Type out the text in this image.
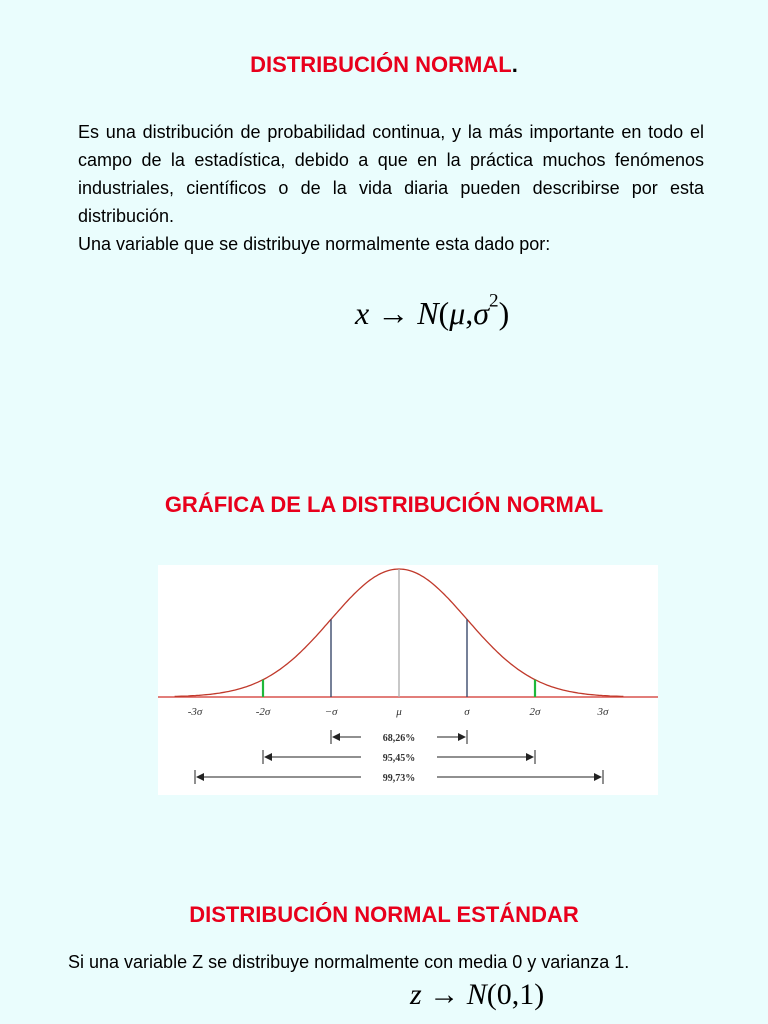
DISTRIBUCIÓN NORMAL.

Es una distribución de probabilidad continua, y la más importante en todo el campo de la estadística, debido a que en la práctica muchos fenómenos industriales, científicos o de la vida diaria pueden describirse por esta distribución.

Una variable que se distribuye normalmente esta dado por:

$x \to N(\mu,\sigma^2)$
GRÁFICA DE LA DISTRIBUCIÓN NORMAL
-3σ	-2σ	−σ	μ	σ	2σ	3σ
68,26%
95,45%
99,73%
DISTRIBUCIÓN NORMAL ESTÁNDAR

Si una variable Z se distribuye normalmente con media 0 y varianza 1.

z → N(0,1)
